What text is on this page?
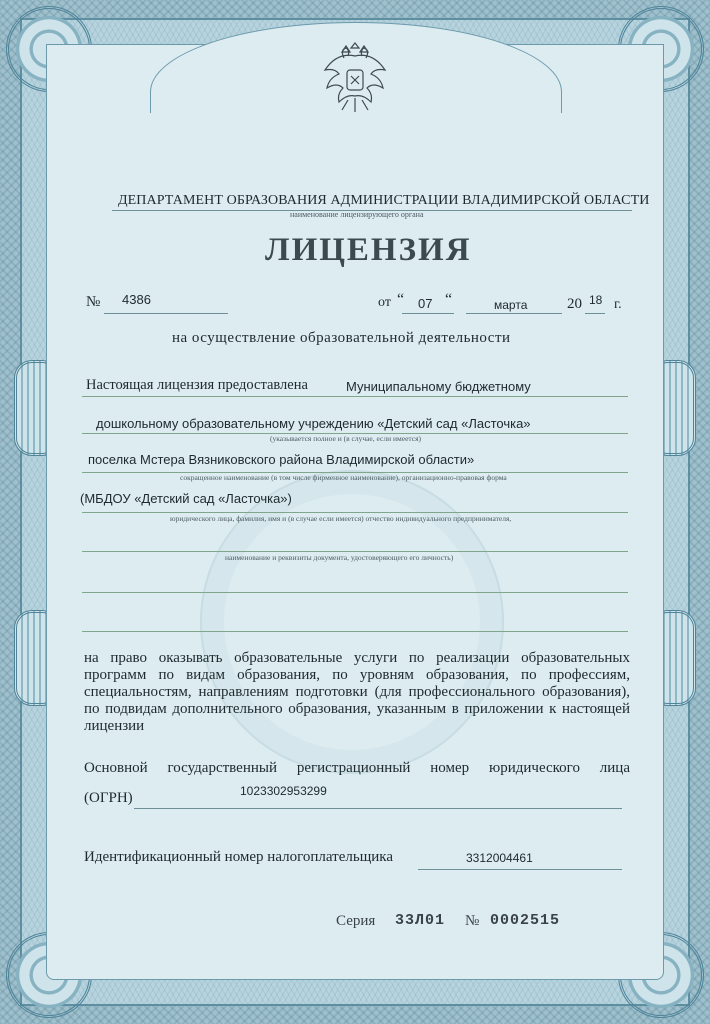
ДЕПАРТАМЕНТ ОБРАЗОВАНИЯ АДМИНИСТРАЦИИ ВЛАДИМИРСКОЙ ОБЛАСТИ
наименование лицензирующего органа
ЛИЦЕНЗИЯ
№ 4386	от “ 07 “	марта	20 18 г.
на осуществление образовательной деятельности
Настоящая лицензия предоставлена	Муниципальному бюджетному
дошкольному образовательному учреждению «Детский сад «Ласточка»
(указывается полное и (в случае, если имеется)
поселка Мстера Вязниковского района Владимирской области»
сокращенное наименование (в том числе фирменное наименование), организационно-правовая форма
(МБДОУ «Детский сад «Ласточка»)
юридического лица, фамилия, имя и (в случае если имеется) отчество индивидуального предпринимателя,
наименование и реквизиты документа, удостоверяющего его личность)
на право оказывать образовательные услуги по реализации образовательных программ по видам образования, по уровням образования, по профессиям, специальностям, направлениям подготовки (для профессионального образования), по подвидам дополнительного образования, указанным в приложении к настоящей лицензии
Основной государственный регистрационный номер юридического лица
(ОГРН)	1023302953299
Идентификационный номер налогоплательщика	3312004461
Серия 33Л01 № 0002515
